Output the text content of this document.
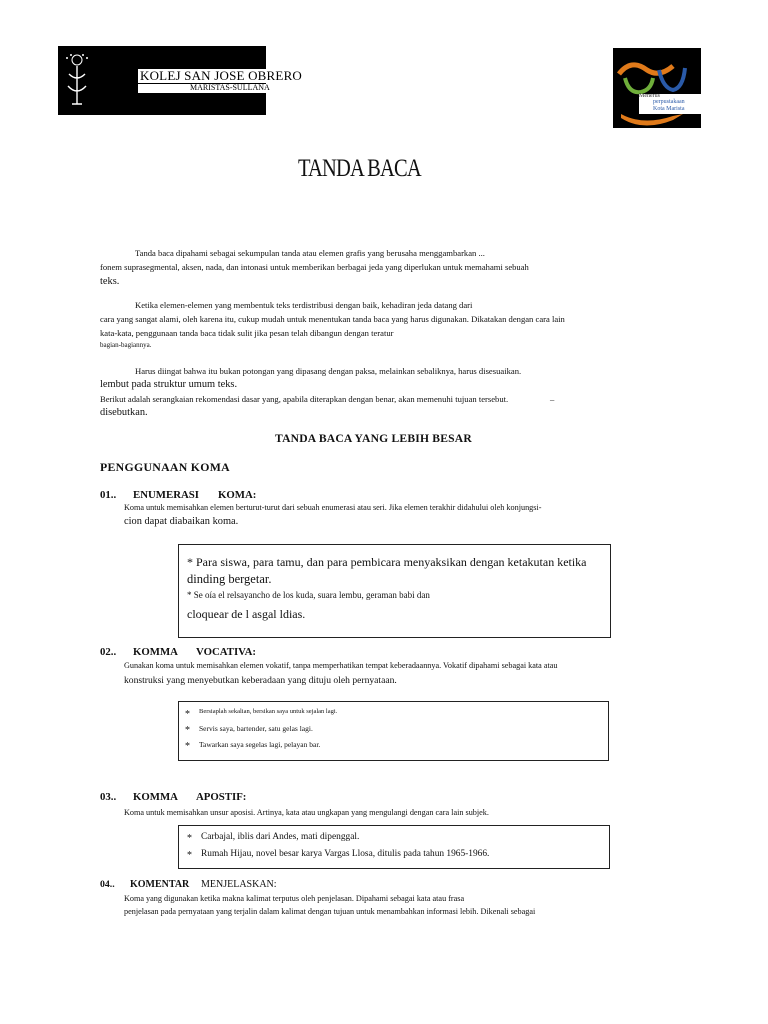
KOLEJ SAN JOSE OBRERO
MARISTAS-SULLANA
Menerus
perpustakaan
Kota Marista
TANDA BACA
Tanda baca dipahami sebagai sekumpulan tanda atau elemen grafis yang berusaha menggambarkan ...
fonem suprasegmental, aksen, nada, dan intonasi untuk memberikan berbagai jeda yang diperlukan untuk memahami sebuah
teks.
Ketika elemen-elemen yang membentuk teks terdistribusi dengan baik, kehadiran jeda datang dari
cara yang sangat alami, oleh karena itu, cukup mudah untuk menentukan tanda baca yang harus digunakan. Dikatakan dengan cara lain
kata-kata, penggunaan tanda baca tidak sulit jika pesan telah dibangun dengan teratur
bagian-bagiannya.
Harus diingat bahwa itu bukan potongan yang dipasang dengan paksa, melainkan sebaliknya, harus disesuaikan.
lembut pada struktur umum teks.
Berikut adalah serangkaian rekomendasi dasar yang, apabila diterapkan dengan benar, akan memenuhi tujuan tersebut.	–
disebutkan.
TANDA BACA YANG LEBIH BESAR
PENGGUNAAN KOMA
01.. ENUMERASI KOMA:
Koma untuk memisahkan elemen berturut-turut dari sebuah enumerasi atau seri. Jika elemen terakhir didahului oleh konjungsi-
cion dapat diabaikan koma.
* Para siswa, para tamu, dan para pembicara menyaksikan dengan ketakutan ketika
dinding bergetar.
* Se oía el relsayancho de los kuda, suara lembu, geraman babi dan
cloquear de l asgal ldias.
02.. KOMMA VOCATIVA:
Gunakan koma untuk memisahkan elemen vokatif, tanpa memperhatikan tempat keberadaannya. Vokatif dipahami sebagai kata atau
konstruksi yang menyebutkan keberadaan yang dituju oleh pernyataan.
* Bersiaplah sekalian, bersikan saya untuk sejalan lagi.
* Servis saya, bartender, satu gelas lagi.
* Tawarkan saya segelas lagi, pelayan bar.
03.. KOMMA APOSTIF:
Koma untuk memisahkan unsur aposisi. Artinya, kata atau ungkapan yang mengulangi dengan cara lain subjek.
* Carbajal, iblis dari Andes, mati dipenggal.
* Rumah Hijau, novel besar karya Vargas Llosa, ditulis pada tahun 1965-1966.
04.. KOMENTAR MENJELASKAN:
Koma yang digunakan ketika makna kalimat terputus oleh penjelasan. Dipahami sebagai kata atau frasa
penjelasan pada pernyataan yang terjalin dalam kalimat dengan tujuan untuk menambahkan informasi lebih. Dikenali sebagai
